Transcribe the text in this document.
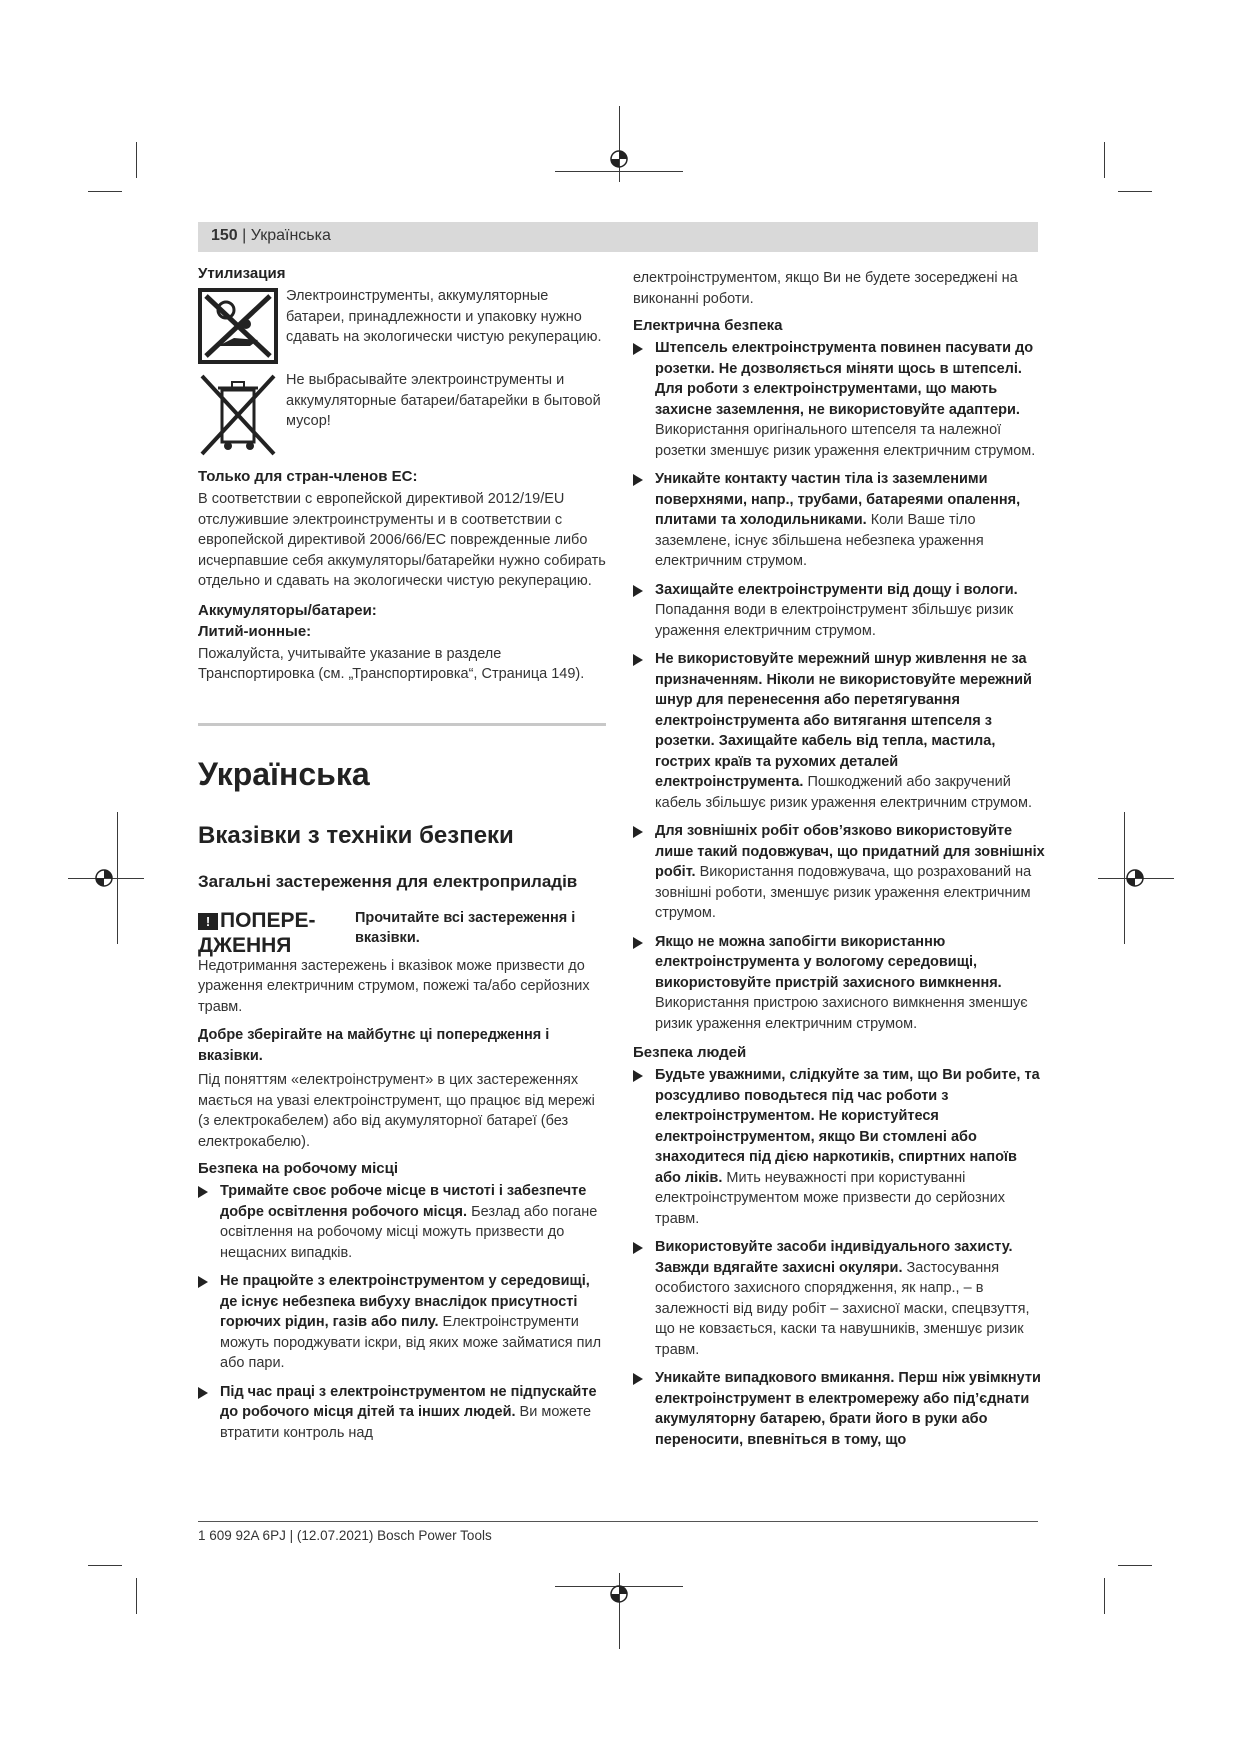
150 | Українська
Утилизация
Электроинструменты, аккумуляторные батареи, принадлежности и упаковку нужно сдавать на экологически чистую рекуперацию.
Не выбрасывайте электроинструменты и аккумуляторные батареи/батарейки в бытовой мусор!
Только для стран-членов ЕС:
В соответствии с европейской директивой 2012/19/EU отслужившие электроинструменты и в соответствии с европейской директивой 2006/66/EC поврежденные либо исчерпавшие себя аккумуляторы/батарейки нужно собирать отдельно и сдавать на экологически чистую рекуперацию.
Аккумуляторы/батареи:
Литий-ионные:
Пожалуйста, учитывайте указание в разделе Транспортировка (см. „Транспортировка“, Страница 149).
Українська
Вказівки з техніки безпеки
Загальні застереження для електроприладів
! ПОПЕРЕ-ДЖЕННЯ
Прочитайте всі застереження і вказівки.
Недотримання застережень і вказівок може призвести до ураження електричним струмом, пожежі та/або серйозних травм.
Добре зберігайте на майбутнє ці попередження і вказівки.
Під поняттям «електроінструмент» в цих застереженнях мається на увазі електроінструмент, що працює від мережі (з електрокабелем) або від акумуляторної батареї (без електрокабелю).
Безпека на робочому місці
Тримайте своє робоче місце в чистоті і забезпечте добре освітлення робочого місця. Безлад або погане освітлення на робочому місці можуть призвести до нещасних випадків.
Не працюйте з електроінструментом у середовищі, де існує небезпека вибуху внаслідок присутності горючих рідин, газів або пилу. Електроінструменти можуть породжувати іскри, від яких може займатися пил або пари.
Під час праці з електроінструментом не підпускайте до робочого місця дітей та інших людей. Ви можете втратити контроль над
електроінструментом, якщо Ви не будете зосереджені на виконанні роботи.
Електрична безпека
Штепсель електроінструмента повинен пасувати до розетки. Не дозволяється міняти щось в штепселі. Для роботи з електроінструментами, що мають захисне заземлення, не використовуйте адаптери. Використання оригінального штепселя та належної розетки зменшує ризик ураження електричним струмом.
Уникайте контакту частин тіла із заземленими поверхнями, напр., трубами, батареями опалення, плитами та холодильниками. Коли Ваше тіло заземлене, існує збільшена небезпека ураження електричним струмом.
Захищайте електроінструменти від дощу і вологи. Попадання води в електроінструмент збільшує ризик ураження електричним струмом.
Не використовуйте мережний шнур живлення не за призначенням. Ніколи не використовуйте мережний шнур для перенесення або перетягування електроінструмента або витягання штепселя з розетки. Захищайте кабель від тепла, мастила, гострих країв та рухомих деталей електроінструмента. Пошкоджений або закручений кабель збільшує ризик ураження електричним струмом.
Для зовнішніх робіт обов’язково використовуйте лише такий подовжувач, що придатний для зовнішніх робіт. Використання подовжувача, що розрахований на зовнішні роботи, зменшує ризик ураження електричним струмом.
Якщо не можна запобігти використанню електроінструмента у вологому середовищі, використовуйте пристрій захисного вимкнення. Використання пристрою захисного вимкнення зменшує ризик ураження електричним струмом.
Безпека людей
Будьте уважними, слідкуйте за тим, що Ви робите, та розсудливо поводьтеся під час роботи з електроінструментом. Не користуйтеся електроінструментом, якщо Ви стомлені або знаходитеся під дією наркотиків, спиртних напоїв або ліків. Мить неуважності при користуванні електроінструментом може призвести до серйозних травм.
Використовуйте засоби індивідуального захисту. Завжди вдягайте захисні окуляри. Застосування особистого захисного спорядження, як напр., – в залежності від виду робіт – захисної маски, спецвзуття, що не ковзається, каски та навушників, зменшує ризик травм.
Уникайте випадкового вмикання. Перш ніж увімкнути електроінструмент в електромережу або під’єднати акумуляторну батарею, брати його в руки або переносити, впевніться в тому, що
1 609 92A 6PJ | (12.07.2021) Bosch Power Tools
